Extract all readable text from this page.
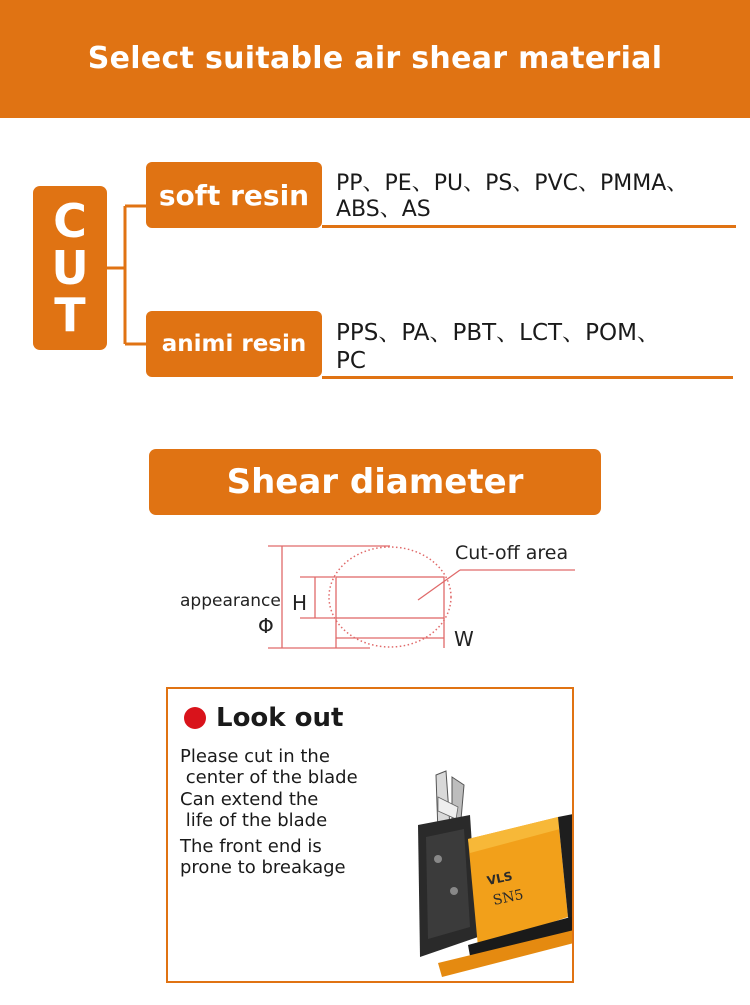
Select suitable air shear material
C
U
T
soft resin	PP、PE、PU、PS、PVC、PMMA、
ABS、AS
animi resin	PPS、PA、PBT、LCT、POM、
PC
Shear diameter
Cut-off area
appearance
Φ
H
W
Look out
Please cut in the
center of the blade
Can extend the
life of the blade
The front end is
prone to breakage
VLS
SN5
